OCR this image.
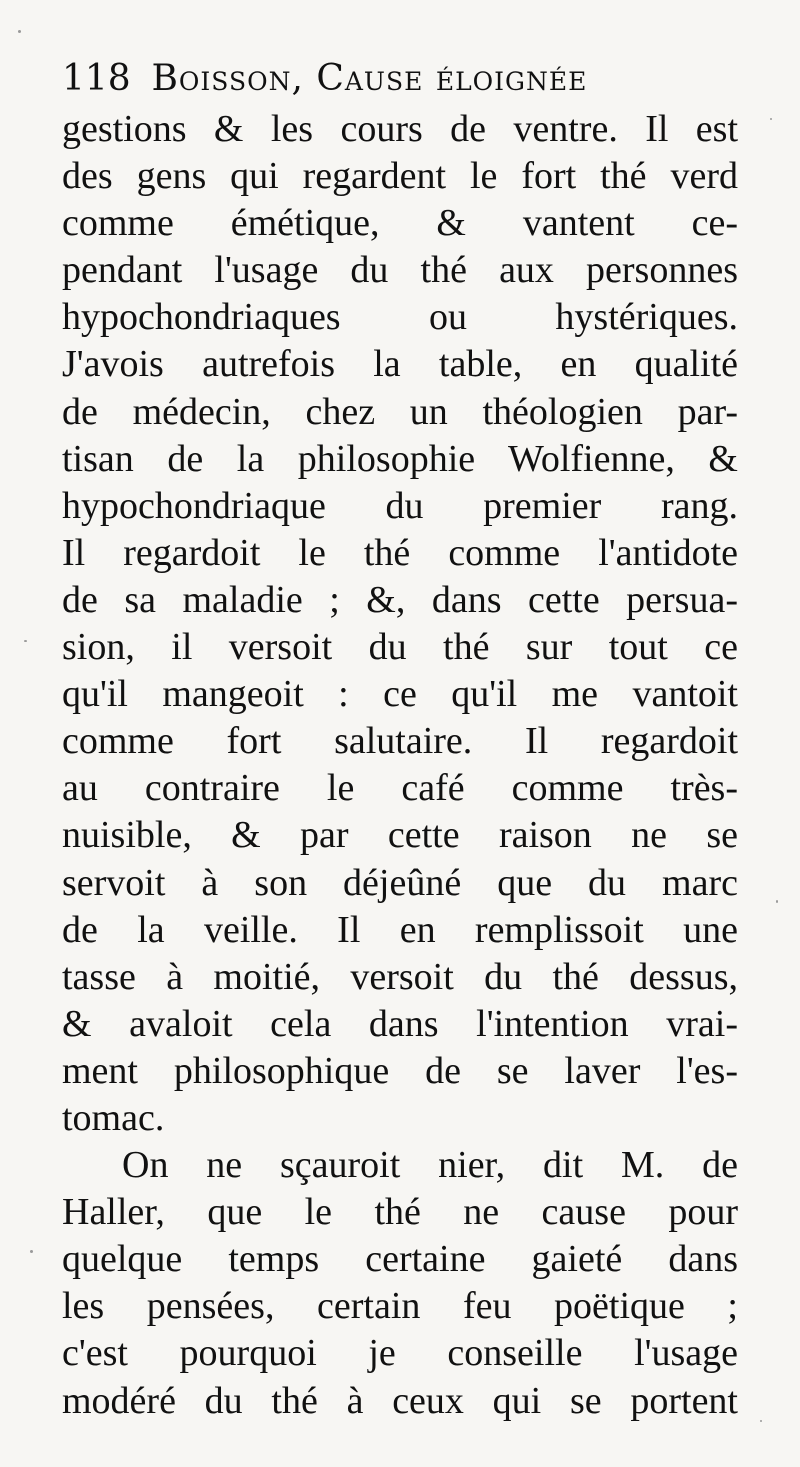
118 Boisson, Cause éloignée
gestions & les cours de ventre. Il est
des gens qui regardent le fort thé verd
comme émétique, & vantent ce-
pendant l'usage du thé aux personnes
hypochondriaques ou hystériques.
J'avois autrefois la table, en qualité
de médecin, chez un théologien par-
tisan de la philosophie Wolfienne, &
hypochondriaque du premier rang.
Il regardoit le thé comme l'antidote
de sa maladie ; &, dans cette persua-
sion, il versoit du thé sur tout ce
qu'il mangeoit : ce qu'il me vantoit
comme fort salutaire. Il regardoit
au contraire le café comme très-
nuisible, & par cette raison ne se
servoit à son déjeûné que du marc
de la veille. Il en remplissoit une
tasse à moitié, versoit du thé dessus,
& avaloit cela dans l'intention vrai-
ment philosophique de se laver l'es-
tomac.
On ne sçauroit nier, dit M. de
Haller, que le thé ne cause pour
quelque temps certaine gaieté dans
les pensées, certain feu poëtique ;
c'est pourquoi je conseille l'usage
modéré du thé à ceux qui se portent
